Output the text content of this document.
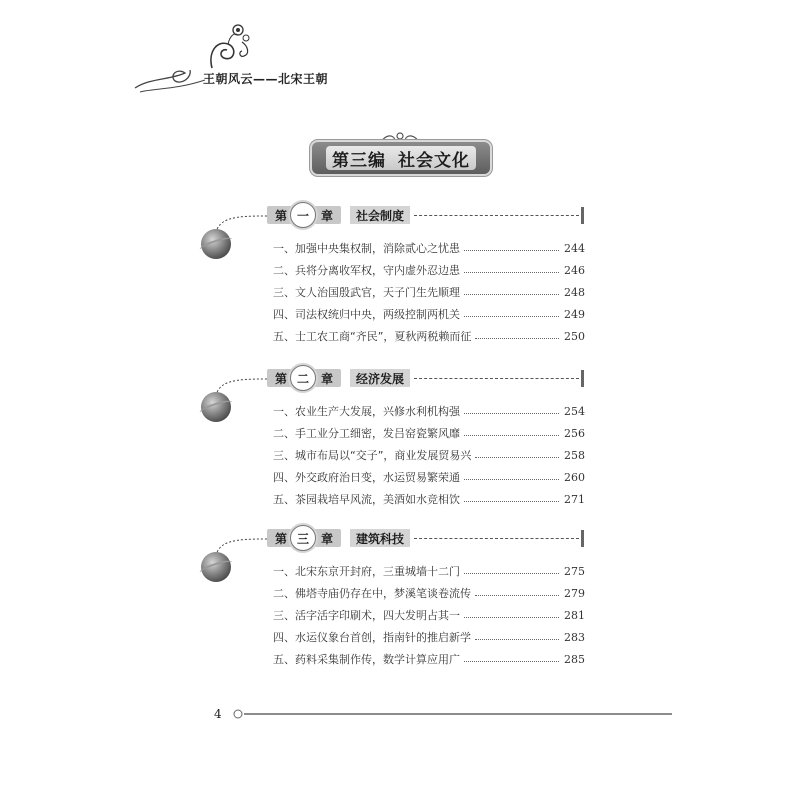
王朝风云——北宋王朝
第三编 社会文化
第	章
一	社会制度
一、加强中央集权制，消除贰心之忧患	244
二、兵将分离收军权，守内虚外忍边患	246
三、文人治国殷武官，天子门生先顺理	248
四、司法权统归中央，两级控制两机关	249
五、士工农工商“齐民”，夏秋两税赖而征	250
第	章
二	经济发展
一、农业生产大发展，兴修水利机构强	254
二、手工业分工细密，发吕窑瓷繁风靡	256
三、城市布局以“交子”，商业发展贸易兴	258
四、外交政府治日变，水运贸易繁荣通	260
五、茶园栽培早风流，美酒如水竞相饮	271
第	章
三	建筑科技
一、北宋东京开封府，三重城墙十二门	275
二、佛塔寺庙仍存在中，梦溪笔谈卷流传	279
三、活字活字印刷术，四大发明占其一	281
四、水运仪象台首创，指南针的推启新学	283
五、药料采集制作传，数学计算应用广	285
4
